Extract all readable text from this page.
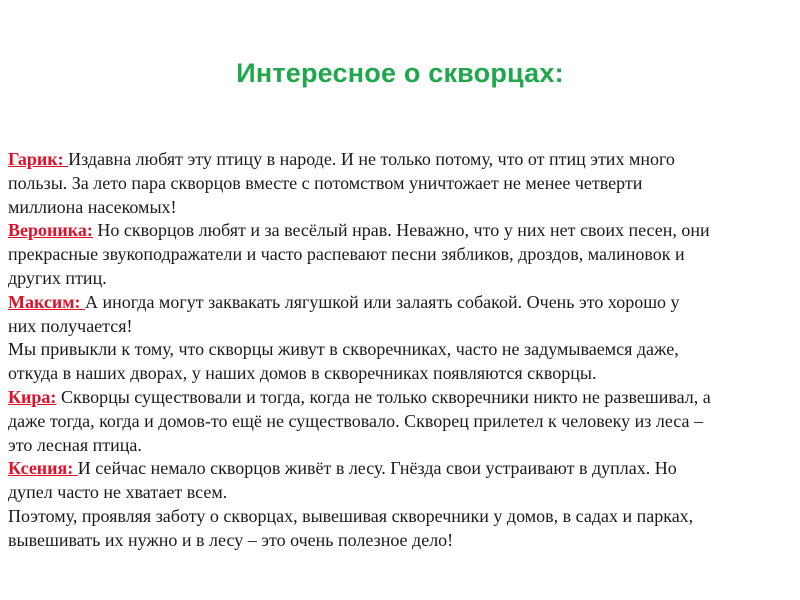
Интересное о скворцах:

Гарик: Издавна любят эту птицу в народе. И не только потому, что от птиц этих много
пользы. За лето пара скворцов вместе с потомством уничтожает не менее четверти
миллиона насекомых!

Вероника: Но скворцов любят и за весёлый нрав. Неважно, что у них нет своих песен, они
прекрасные звукоподражатели и часто распевают песни зябликов, дроздов, малиновок и
других птиц.

Максим: А иногда могут заквакать лягушкой или залаять собакой. Очень это хорошо у
них получается!

Мы привыкли к тому, что скворцы живут в скворечниках, часто не задумываемся даже,
откуда в наших дворах, у наших домов в скворечниках появляются скворцы.

Кира: Скворцы существовали и тогда, когда не только скворечники никто не развешивал, а
даже тогда, когда и домов-то ещё не существовало. Скворец прилетел к человеку из леса –
это лесная птица.

Ксения: И сейчас немало скворцов живёт в лесу. Гнёзда свои устраивают в дуплах. Но
дупел часто не хватает всем.

Поэтому, проявляя заботу о скворцах, вывешивая скворечники у домов, в садах и парках,
вывешивать их нужно и в лесу – это очень полезное дело!
